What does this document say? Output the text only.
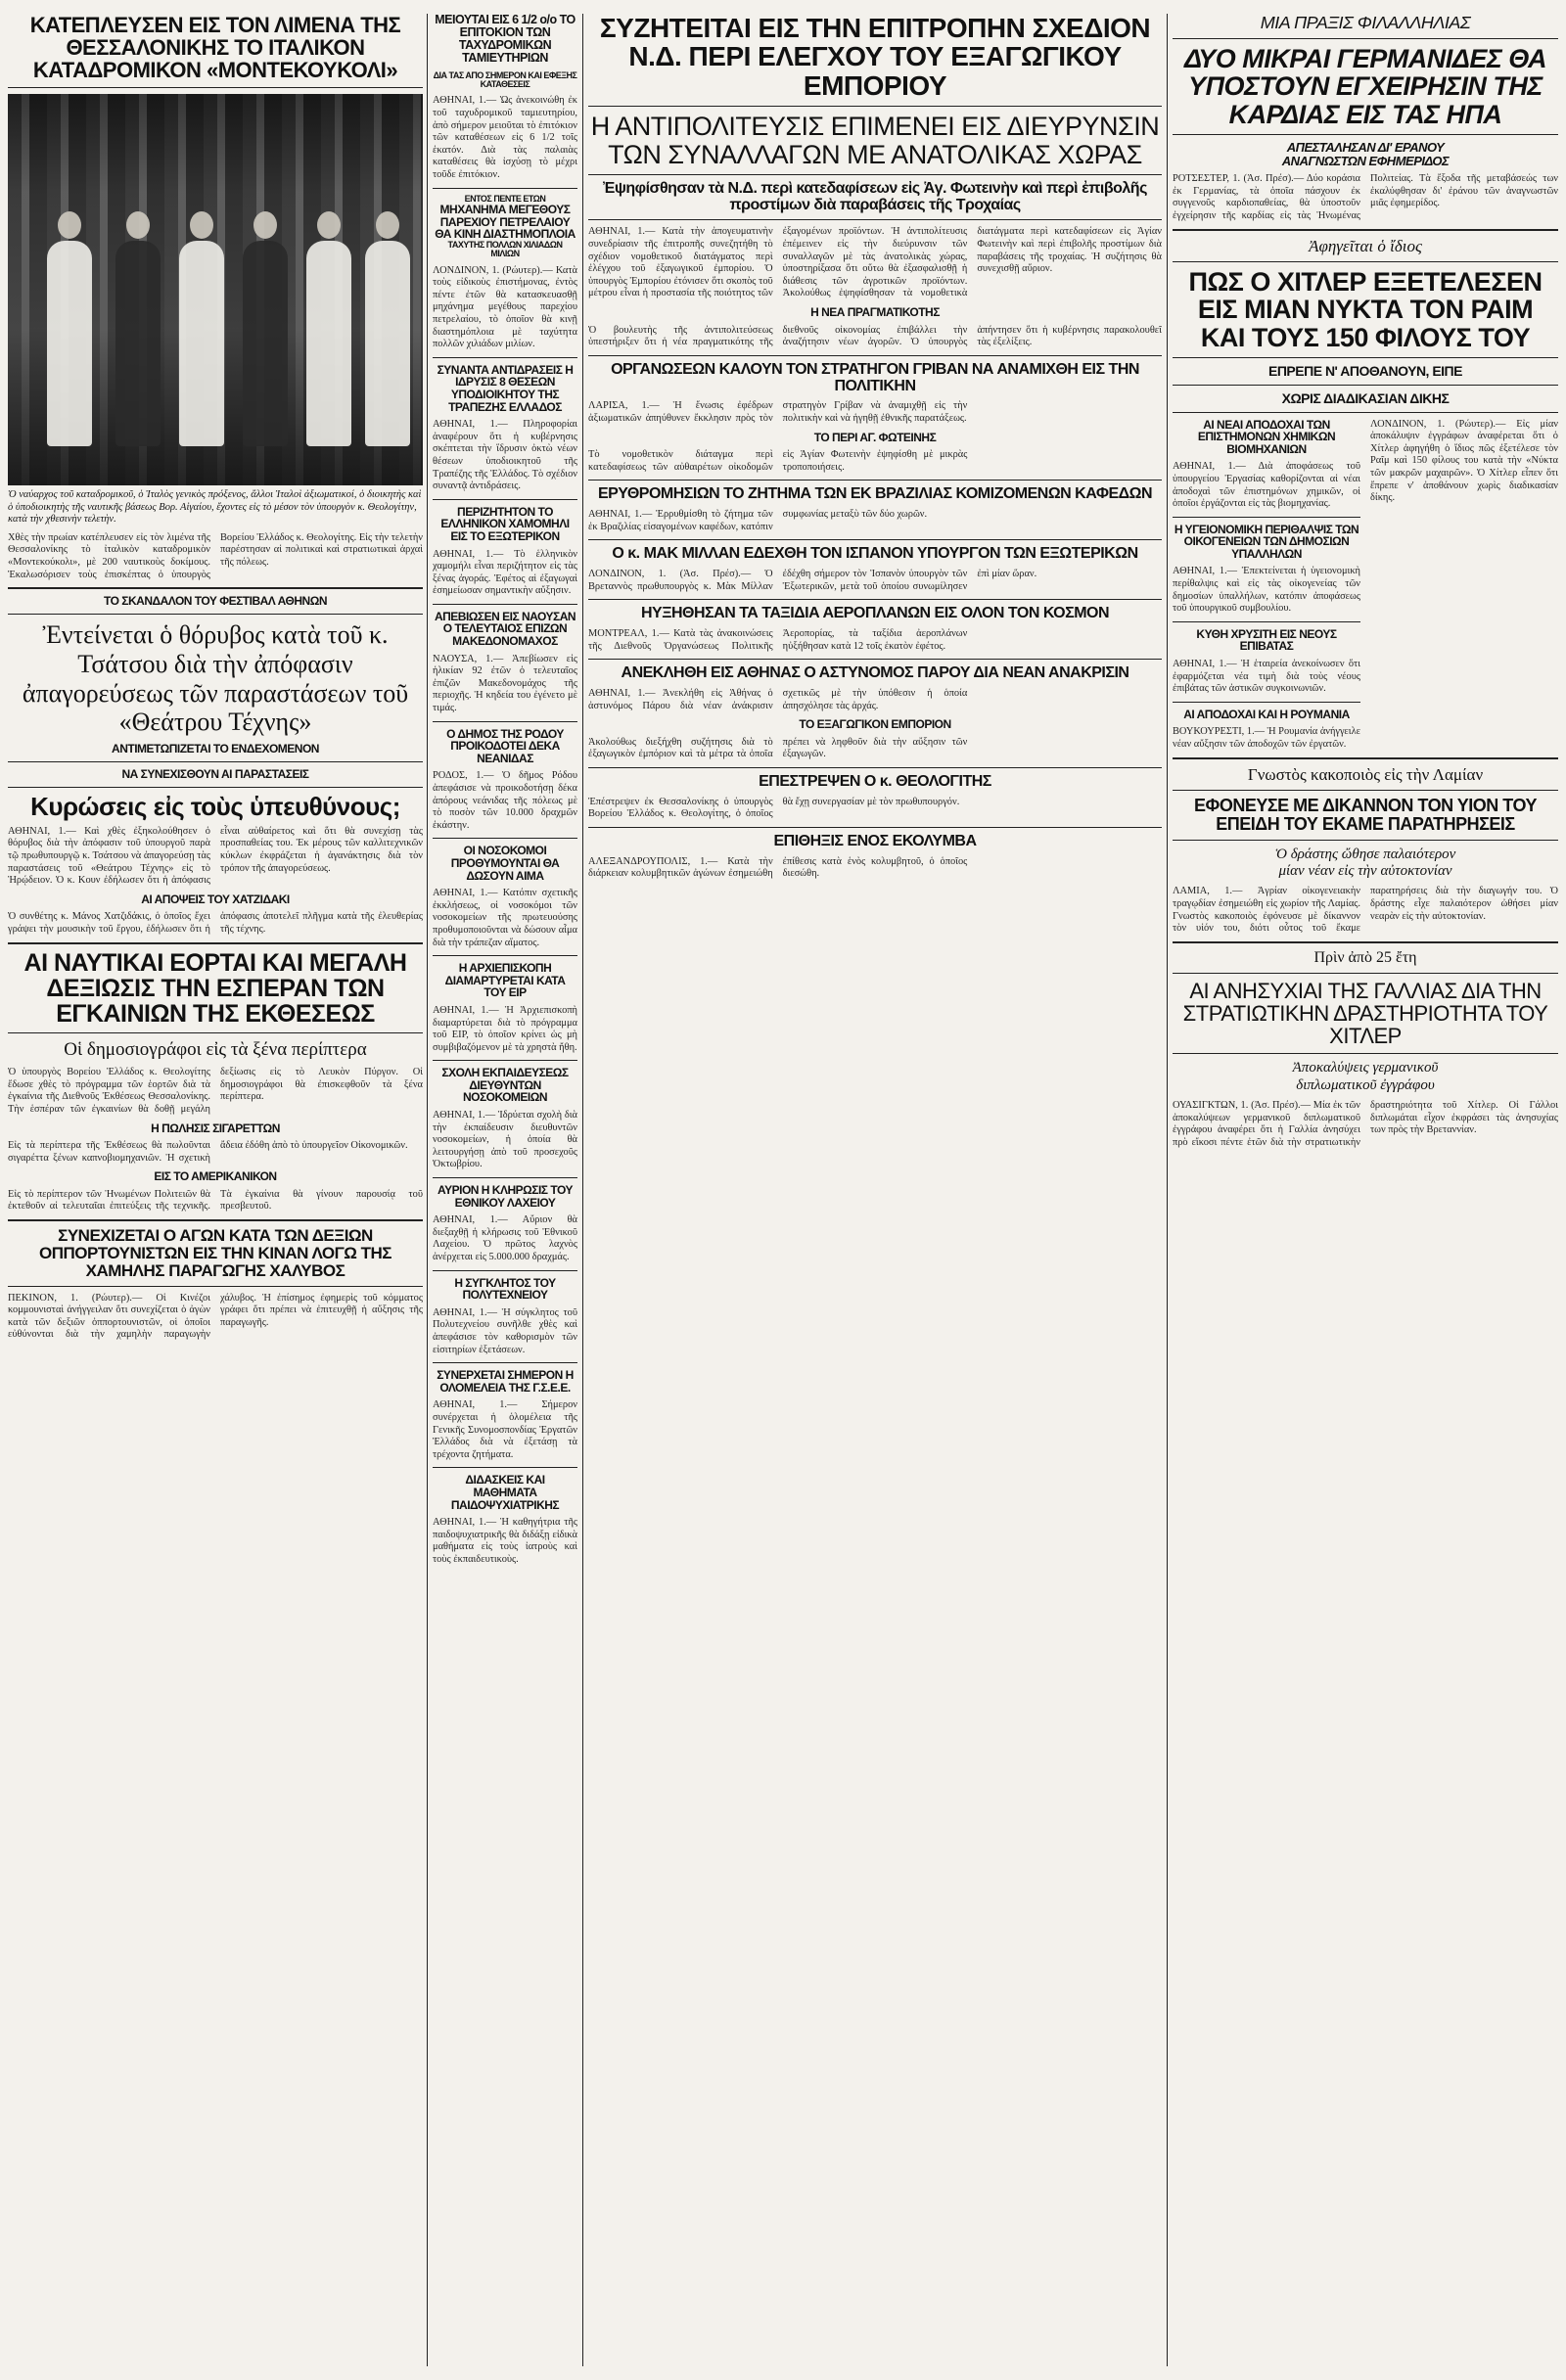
ΚΑΤΕΠΛΕΥΣΕΝ ΕΙΣ ΤΟΝ ΛΙΜΕΝΑ ΤΗΣ ΘΕΣΣΑΛΟΝΙΚΗΣ ΤΟ ΙΤΑΛΙΚΟΝ ΚΑΤΑΔΡΟΜΙΚΟΝ «ΜΟΝΤΕΚΟΥΚΟΛΙ»

Ὁ ναύαρχος τοῦ καταδρομικοῦ, ὁ Ἰταλὸς γενικὸς πρόξενος, ἄλλοι Ἰταλοὶ ἀξιωματικοί, ὁ διοικητὴς καὶ ὁ ὑποδιοικητὴς τῆς ναυτικῆς βάσεως Βορ. Αἰγαίου, ἔχοντες εἰς τὸ μέσον τὸν ὑπουργὸν κ. Θεολογίτην, κατὰ τὴν χθεσινὴν τελετὴν.

Χθὲς τὴν πρωίαν κατέπλευσεν εἰς τὸν λιμένα τῆς Θεσσαλονίκης τὸ ἰταλικὸν καταδρομικὸν «Μοντεκούκολι», μὲ 200 ναυτικοὺς δοκίμους. Ἐκαλωσόρισεν τοὺς ἐπισκέπτας ὁ ὑπουργὸς Βορείου Ἑλλάδος κ. Θεολογίτης. Εἰς τὴν τελετὴν παρέστησαν αἱ πολιτικαὶ καὶ στρατιωτικαὶ ἀρχαὶ τῆς πόλεως.

ΤΟ ΣΚΑΝΔΑΛΟΝ ΤΟΥ ΦΕΣΤΙΒΑΛ ΑΘΗΝΩΝ
Ἐντείνεται ὁ θόρυβος κατὰ τοῦ κ. Τσάτσου διὰ τὴν ἀπόφασιν ἀπαγορεύσεως τῶν παραστάσεων τοῦ «Θεάτρου Τέχνης»
ΑΝΤΙΜΕΤΩΠΙΖΕΤΑΙ ΤΟ ΕΝΔΕΧΟΜΕΝΟΝ
ΝΑ ΣΥΝΕΧΙΣΘΟΥΝ ΑΙ ΠΑΡΑΣΤΑΣΕΙΣ
Κυρώσεις εἰς τοὺς ὑπευθύνους;

ΑΘΗΝΑΙ, 1.— Καὶ χθὲς ἐξηκολούθησεν ὁ θόρυβος διὰ τὴν ἀπόφασιν τοῦ ὑπουργοῦ παρὰ τῷ πρωθυπουργῷ κ. Τσάτσου νὰ ἀπαγορεύσῃ τὰς παραστάσεις τοῦ «Θεάτρου Τέχνης» εἰς τὸ Ἡρῴδειον. Ὁ κ. Κουν ἐδήλωσεν ὅτι ἡ ἀπόφασις εἶναι αὐθαίρετος καὶ ὅτι θὰ συνεχίσῃ τὰς προσπαθείας του. Ἐκ μέρους τῶν καλλιτεχνικῶν κύκλων ἐκφράζεται ἡ ἀγανάκτησις διὰ τὸν τρόπον τῆς ἀπαγορεύσεως.

ΑΙ ΑΠΟΨΕΙΣ ΤΟΥ ΧΑΤΖΙΔΑΚΙ

Ὁ συνθέτης κ. Μάνος Χατζιδάκις, ὁ ὁποῖος ἔχει γράψει τὴν μουσικὴν τοῦ ἔργου, ἐδήλωσεν ὅτι ἡ ἀπόφασις ἀποτελεῖ πλῆγμα κατὰ τῆς ἐλευθερίας τῆς τέχνης.

ΑΙ ΝΑΥΤΙΚΑΙ ΕΟΡΤΑΙ ΚΑΙ ΜΕΓΑΛΗ ΔΕΞΙΩΣΙΣ ΤΗΝ ΕΣΠΕΡΑΝ ΤΩΝ ΕΓΚΑΙΝΙΩΝ ΤΗΣ ΕΚΘΕΣΕΩΣ
Οἱ δημοσιογράφοι εἰς τὰ ξένα περίπτερα

Ὁ ὑπουργὸς Βορείου Ἑλλάδος κ. Θεολογίτης ἔδωσε χθὲς τὸ πρόγραμμα τῶν ἑορτῶν διὰ τὰ ἐγκαίνια τῆς Διεθνοῦς Ἐκθέσεως Θεσσαλονίκης. Τὴν ἑσπέραν τῶν ἐγκαινίων θὰ δοθῇ μεγάλη δεξίωσις εἰς τὸ Λευκὸν Πύργον. Οἱ δημοσιογράφοι θὰ ἐπισκεφθοῦν τὰ ξένα περίπτερα.

Η ΠΩΛΗΣΙΣ ΣΙΓΑΡΕΤΤΩΝ

Εἰς τὰ περίπτερα τῆς Ἐκθέσεως θὰ πωλοῦνται σιγαρέττα ξένων καπνοβιομηχανιῶν. Ἡ σχετικὴ ἄδεια ἐδόθη ἀπὸ τὸ ὑπουργεῖον Οἰκονομικῶν.

ΕΙΣ ΤΟ ΑΜΕΡΙΚΑΝΙΚΟΝ

Εἰς τὸ περίπτερον τῶν Ἡνωμένων Πολιτειῶν θὰ ἐκτεθοῦν αἱ τελευταῖαι ἐπιτεύξεις τῆς τεχνικῆς. Τὰ ἐγκαίνια θὰ γίνουν παρουσίᾳ τοῦ πρεσβευτοῦ.

ΣΥΝΕΧΙΖΕΤΑΙ Ο ΑΓΩΝ ΚΑΤΑ ΤΩΝ ΔΕΞΙΩΝ ΟΠΠΟΡΤΟΥΝΙΣΤΩΝ ΕΙΣ ΤΗΝ ΚΙΝΑΝ ΛΟΓΩ ΤΗΣ ΧΑΜΗΛΗΣ ΠΑΡΑΓΩΓΗΣ ΧΑΛΥΒΟΣ

ΠΕΚΙΝΟΝ, 1. (Ρώυτερ).— Οἱ Κινέζοι κομμουνισταὶ ἀνήγγειλαν ὅτι συνεχίζεται ὁ ἀγὼν κατὰ τῶν δεξιῶν ὀππορτουνιστῶν, οἱ ὁποῖοι εὐθύνονται διὰ τὴν χαμηλὴν παραγωγὴν χάλυβος. Ἡ ἐπίσημος ἐφημερὶς τοῦ κόμματος γράφει ὅτι πρέπει νὰ ἐπιτευχθῇ ἡ αὔξησις τῆς παραγωγῆς.

ΜΕΙΟΥΤΑΙ ΕΙΣ 6 1/2 ο/ο ΤΟ ΕΠΙΤΟΚΙΟΝ ΤΩΝ ΤΑΧΥΔΡΟΜΙΚΩΝ ΤΑΜΙΕΥΤΗΡΙΩΝ
ΔΙΑ ΤΑΣ ΑΠΟ ΣΗΜΕΡΟΝ ΚΑΙ ΕΦΕΞΗΣ ΚΑΤΑΘΕΣΕΙΣ

ΑΘΗΝΑΙ, 1.— Ὡς ἀνεκοινώθη ἐκ τοῦ ταχυδρομικοῦ ταμιευτηρίου, ἀπὸ σήμερον μειοῦται τὸ ἐπιτόκιον τῶν καταθέσεων εἰς 6 1/2 τοῖς ἑκατόν. Διὰ τὰς παλαιὰς καταθέσεις θὰ ἰσχύσῃ τὸ μέχρι τοῦδε ἐπιτόκιον.

ΕΝΤΟΣ ΠΕΝΤΕ ΕΤΩΝ
ΜΗΧΑΝΗΜΑ ΜΕΓΕΘΟΥΣ ΠΑΡΕΧΙΟΥ ΠΕΤΡΕΛΑΙΟΥ ΘΑ ΚΙΝΗ ΔΙΑΣΤΗΜΟΠΛΟΙΑ
ΤΑΧΥΤΗΣ ΠΟΛΛΩΝ ΧΙΛΙΑΔΩΝ ΜΙΛΙΩΝ

ΛΟΝΔΙΝΟΝ, 1. (Ρώυτερ).— Κατὰ τοὺς εἰδικοὺς ἐπιστήμονας, ἐντὸς πέντε ἐτῶν θὰ κατασκευασθῇ μηχάνημα μεγέθους παρεχίου πετρελαίου, τὸ ὁποῖον θὰ κινῇ διαστημόπλοια μὲ ταχύτητα πολλῶν χιλιάδων μιλίων.

ΣΥΝΑΝΤΑ ΑΝΤΙΔΡΑΣΕΙΣ Η ΙΔΡΥΣΙΣ 8 ΘΕΣΕΩΝ ΥΠΟΔΙΟΙΚΗΤΟΥ ΤΗΣ ΤΡΑΠΕΖΗΣ ΕΛΛΑΔΟΣ

ΑΘΗΝΑΙ, 1.— Πληροφορίαι ἀναφέρουν ὅτι ἡ κυβέρνησις σκέπτεται τὴν ἵδρυσιν ὀκτὼ νέων θέσεων ὑποδιοικητοῦ τῆς Τραπέζης τῆς Ἑλλάδος. Τὸ σχέδιον συναντᾷ ἀντιδράσεις.

ΠΕΡΙΖΗΤΗΤΟΝ ΤΟ ΕΛΛΗΝΙΚΟΝ ΧΑΜΟΜΗΛΙ ΕΙΣ ΤΟ ΕΞΩΤΕΡΙΚΟΝ

ΑΘΗΝΑΙ, 1.— Τὸ ἑλληνικὸν χαμομήλι εἶναι περιζήτητον εἰς τὰς ξένας ἀγοράς. Ἐφέτος αἱ ἐξαγωγαὶ ἐσημείωσαν σημαντικὴν αὔξησιν.

ΑΠΕΒΙΩΣΕΝ ΕΙΣ ΝΑΟΥΣΑΝ Ο ΤΕΛΕΥΤΑΙΟΣ ΕΠΙΖΩΝ ΜΑΚΕΔΟΝΟΜΑΧΟΣ

ΝΑΟΥΣΑ, 1.— Ἀπεβίωσεν εἰς ἡλικίαν 92 ἐτῶν ὁ τελευταῖος ἐπιζῶν Μακεδονομάχος τῆς περιοχῆς. Ἡ κηδεία του ἐγένετο μὲ τιμάς.

Ο ΔΗΜΟΣ ΤΗΣ ΡΟΔΟΥ ΠΡΟΙΚΟΔΟΤΕΙ ΔΕΚΑ ΝΕΑΝΙΔΑΣ

ΡΟΔΟΣ, 1.— Ὁ δῆμος Ρόδου ἀπεφάσισε νὰ προικοδοτήσῃ δέκα ἀπόρους νεάνιδας τῆς πόλεως μὲ τὸ ποσὸν τῶν 10.000 δραχμῶν ἑκάστην.

ΟΙ ΝΟΣΟΚΟΜΟΙ ΠΡΟΘΥΜΟΥΝΤΑΙ ΘΑ ΔΩΣΟΥΝ ΑΙΜΑ

ΑΘΗΝΑΙ, 1.— Κατόπιν σχετικῆς ἐκκλήσεως, οἱ νοσοκόμοι τῶν νοσοκομείων τῆς πρωτευούσης προθυμοποιοῦνται νὰ δώσουν αἷμα διὰ τὴν τράπεζαν αἵματος.

Η ΑΡΧΙΕΠΙΣΚΟΠΗ ΔΙΑΜΑΡΤΥΡΕΤΑΙ ΚΑΤΑ ΤΟΥ ΕΙΡ

ΑΘΗΝΑΙ, 1.— Ἡ Ἀρχιεπισκοπὴ διαμαρτύρεται διὰ τὸ πρόγραμμα τοῦ ΕΙΡ, τὸ ὁποῖον κρίνει ὡς μὴ συμβιβαζόμενον μὲ τὰ χρηστὰ ἤθη.

ΣΧΟΛΗ ΕΚΠΑΙΔΕΥΣΕΩΣ ΔΙΕΥΘΥΝΤΩΝ ΝΟΣΟΚΟΜΕΙΩΝ

ΑΘΗΝΑΙ, 1.— Ἱδρύεται σχολὴ διὰ τὴν ἐκπαίδευσιν διευθυντῶν νοσοκομείων, ἡ ὁποία θὰ λειτουργήσῃ ἀπὸ τοῦ προσεχοῦς Ὀκτωβρίου.

ΑΥΡΙΟΝ Η ΚΛΗΡΩΣΙΣ ΤΟΥ ΕΘΝΙΚΟΥ ΛΑΧΕΙΟΥ

ΑΘΗΝΑΙ, 1.— Αὔριον θὰ διεξαχθῇ ἡ κλήρωσις τοῦ Ἐθνικοῦ Λαχείου. Ὁ πρῶτος λαχνὸς ἀνέρχεται εἰς 5.000.000 δραχμάς.

Η ΣΥΓΚΛΗΤΟΣ ΤΟΥ ΠΟΛΥΤΕΧΝΕΙΟΥ

ΑΘΗΝΑΙ, 1.— Ἡ σύγκλητος τοῦ Πολυτεχνείου συνῆλθε χθὲς καὶ ἀπεφάσισε τὸν καθορισμὸν τῶν εἰσιτηρίων ἐξετάσεων.

ΣΥΝΕΡΧΕΤΑΙ ΣΗΜΕΡΟΝ Η ΟΛΟΜΕΛΕΙΑ ΤΗΣ Γ.Σ.Ε.Ε.

ΑΘΗΝΑΙ, 1.— Σήμερον συνέρχεται ἡ ὁλομέλεια τῆς Γενικῆς Συνομοσπονδίας Ἐργατῶν Ἑλλάδος διὰ νὰ ἐξετάσῃ τὰ τρέχοντα ζητήματα.

ΔΙΔΑΣΚΕΙΣ ΚΑΙ ΜΑΘΗΜΑΤΑ ΠΑΙΔΟΨΥΧΙΑΤΡΙΚΗΣ

ΑΘΗΝΑΙ, 1.— Ἡ καθηγήτρια τῆς παιδοψυχιατρικῆς θὰ διδάξῃ εἰδικὰ μαθήματα εἰς τοὺς ἰατροὺς καὶ τοὺς ἐκπαιδευτικοὺς.

ΣΥΖΗΤΕΙΤΑΙ ΕΙΣ ΤΗΝ ΕΠΙΤΡΟΠΗΝ ΣΧΕΔΙΟΝ Ν.Δ. ΠΕΡΙ ΕΛΕΓΧΟΥ ΤΟΥ ΕΞΑΓΩΓΙΚΟΥ ΕΜΠΟΡΙΟΥ
Η ΑΝΤΙΠΟΛΙΤΕΥΣΙΣ ΕΠΙΜΕΝΕΙ ΕΙΣ ΔΙΕΥΡΥΝΣΙΝ ΤΩΝ ΣΥΝΑΛΛΑΓΩΝ ΜΕ ΑΝΑΤΟΛΙΚΑΣ ΧΩΡΑΣ
Ἐψηφίσθησαν τὰ Ν.Δ. περὶ κατεδαφίσεων εἰς Ἁγ. Φωτεινὴν καὶ περὶ ἐπιβολῆς προστίμων διὰ παραβάσεις τῆς Τροχαίας

ΑΘΗΝΑΙ, 1.— Κατὰ τὴν ἀπογευματινὴν συνεδρίασιν τῆς ἐπιτροπῆς συνεζητήθη τὸ σχέδιον νομοθετικοῦ διατάγματος περὶ ἐλέγχου τοῦ ἐξαγωγικοῦ ἐμπορίου. Ὁ ὑπουργὸς Ἐμπορίου ἐτόνισεν ὅτι σκοπὸς τοῦ μέτρου εἶναι ἡ προστασία τῆς ποιότητος τῶν ἐξαγομένων προϊόντων. Ἡ ἀντιπολίτευσις ἐπέμεινεν εἰς τὴν διεύρυνσιν τῶν συναλλαγῶν μὲ τὰς ἀνατολικὰς χώρας, ὑποστηρίξασα ὅτι οὕτω θὰ ἐξασφαλισθῇ ἡ διάθεσις τῶν ἀγροτικῶν προϊόντων. Ἀκολούθως ἐψηφίσθησαν τὰ νομοθετικὰ διατάγματα περὶ κατεδαφίσεων εἰς Ἁγίαν Φωτεινὴν καὶ περὶ ἐπιβολῆς προστίμων διὰ παραβάσεις τῆς τροχαίας. Ἡ συζήτησις θὰ συνεχισθῇ αὔριον.

Η ΝΕΑ ΠΡΑΓΜΑΤΙΚΟΤΗΣ

Ὁ βουλευτὴς τῆς ἀντιπολιτεύσεως ὑπεστήριξεν ὅτι ἡ νέα πραγματικότης τῆς διεθνοῦς οἰκονομίας ἐπιβάλλει τὴν ἀναζήτησιν νέων ἀγορῶν. Ὁ ὑπουργὸς ἀπήντησεν ὅτι ἡ κυβέρνησις παρακολουθεῖ τὰς ἐξελίξεις.

ΟΡΓΑΝΩΣΕΩΝ ΚΑΛΟΥΝ ΤΟΝ ΣΤΡΑΤΗΓΟΝ ΓΡΙΒΑΝ ΝΑ ΑΝΑΜΙΧΘΗ ΕΙΣ ΤΗΝ ΠΟΛΙΤΙΚΗΝ

ΛΑΡΙΣΑ, 1.— Ἡ ἕνωσις ἐφέδρων ἀξιωματικῶν ἀπηύθυνεν ἔκκλησιν πρὸς τὸν στρατηγὸν Γρίβαν νὰ ἀναμιχθῇ εἰς τὴν πολιτικὴν καὶ νὰ ἡγηθῇ ἐθνικῆς παρατάξεως.

ΤΟ ΠΕΡΙ ΑΓ. ΦΩΤΕΙΝΗΣ

Τὸ νομοθετικὸν διάταγμα περὶ κατεδαφίσεως τῶν αὐθαιρέτων οἰκοδομῶν εἰς Ἁγίαν Φωτεινὴν ἐψηφίσθη μὲ μικρὰς τροποποιήσεις.

ΕΡΥΘΡΟΜΗΣΙΩΝ ΤΟ ΖΗΤΗΜΑ ΤΩΝ ΕΚ ΒΡΑΖΙΛΙΑΣ ΚΟΜΙΖΟΜΕΝΩΝ ΚΑΦΕΔΩΝ

ΑΘΗΝΑΙ, 1.— Ἐρρυθμίσθη τὸ ζήτημα τῶν ἐκ Βραζιλίας εἰσαγομένων καφέδων, κατόπιν συμφωνίας μεταξὺ τῶν δύο χωρῶν.

Ο κ. ΜΑΚ ΜΙΛΛΑΝ ΕΔΕΧΘΗ ΤΟΝ ΙΣΠΑΝΟΝ ΥΠΟΥΡΓΟΝ ΤΩΝ ΕΞΩΤΕΡΙΚΩΝ

ΛΟΝΔΙΝΟΝ, 1. (Ἀσ. Πρέσ).— Ὁ Βρεταννὸς πρωθυπουργὸς κ. Μὰκ Μίλλαν ἐδέχθη σήμερον τὸν Ἱσπανὸν ὑπουργὸν τῶν Ἐξωτερικῶν, μετὰ τοῦ ὁποίου συνωμίλησεν ἐπὶ μίαν ὥραν.

ΗΥΞΗΘΗΣΑΝ ΤΑ ΤΑΞΙΔΙΑ ΑΕΡΟΠΛΑΝΩΝ ΕΙΣ ΟΛΟΝ ΤΟΝ ΚΟΣΜΟΝ

ΜΟΝΤΡΕΑΛ, 1.— Κατὰ τὰς ἀνακοινώσεις τῆς Διεθνοῦς Ὀργανώσεως Πολιτικῆς Ἀεροπορίας, τὰ ταξίδια ἀεροπλάνων ηὐξήθησαν κατὰ 12 τοῖς ἑκατὸν ἐφέτος.

ΑΝΕΚΛΗΘΗ ΕΙΣ ΑΘΗΝΑΣ Ο ΑΣΤΥΝΟΜΟΣ ΠΑΡΟΥ ΔΙΑ ΝΕΑΝ ΑΝΑΚΡΙΣΙΝ

ΑΘΗΝΑΙ, 1.— Ἀνεκλήθη εἰς Ἀθήνας ὁ ἀστυνόμος Πάρου διὰ νέαν ἀνάκρισιν σχετικῶς μὲ τὴν ὑπόθεσιν ἡ ὁποία ἀπησχόλησε τὰς ἀρχάς.

ΤΟ ΕΞΑΓΩΓΙΚΟΝ ΕΜΠΟΡΙΟΝ

Ἀκολούθως διεξήχθη συζήτησις διὰ τὸ ἐξαγωγικὸν ἐμπόριον καὶ τὰ μέτρα τὰ ὁποῖα πρέπει νὰ ληφθοῦν διὰ τὴν αὔξησιν τῶν ἐξαγωγῶν.

ΕΠΕΣΤΡΕΨΕΝ Ο κ. ΘΕΟΛΟΓΙΤΗΣ

Ἐπέστρεψεν ἐκ Θεσσαλονίκης ὁ ὑπουργὸς Βορείου Ἑλλάδος κ. Θεολογίτης, ὁ ὁποῖος θὰ ἔχῃ συνεργασίαν μὲ τὸν πρωθυπουργόν.

ΕΠΙΘΗΞΙΣ ΕΝΟΣ ΕΚΟΛΥΜΒΑ

ΑΛΕΞΑΝΔΡΟΥΠΟΛΙΣ, 1.— Κατὰ τὴν διάρκειαν κολυμβητικῶν ἀγώνων ἐσημειώθη ἐπίθεσις κατὰ ἑνὸς κολυμβητοῦ, ὁ ὁποῖος διεσώθη.

ΜΙΑ ΠΡΑΞΙΣ ΦΙΛΑΛΛΗΛΙΑΣ
ΔΥΟ ΜΙΚΡΑΙ ΓΕΡΜΑΝΙΔΕΣ ΘΑ ΥΠΟΣΤΟΥΝ ΕΓΧΕΙΡΗΣΙΝ ΤΗΣ ΚΑΡΔΙΑΣ ΕΙΣ ΤΑΣ ΗΠΑ
ΑΠΕΣΤΑΛΗΣΑΝ ΔΙ' ΕΡΑΝΟΥ
ΑΝΑΓΝΩΣΤΩΝ ΕΦΗΜΕΡΙΔΟΣ

ΡΟΤΣΕΣΤΕΡ, 1. (Ἀσ. Πρέσ).— Δύο κοράσια ἐκ Γερμανίας, τὰ ὁποῖα πάσχουν ἐκ συγγενοῦς καρδιοπαθείας, θὰ ὑποστοῦν ἐγχείρησιν τῆς καρδίας εἰς τὰς Ἡνωμένας Πολιτείας. Τὰ ἔξοδα τῆς μεταβάσεώς των ἐκαλύφθησαν δι' ἐράνου τῶν ἀναγνωστῶν μιᾶς ἐφημερίδος.

Ἀφηγεῖται ὁ ἴδιος
ΠΩΣ Ο ΧΙΤΛΕΡ ΕΞΕΤΕΛΕΣΕΝ ΕΙΣ ΜΙΑΝ ΝΥΚΤΑ ΤΟΝ ΡΑΙΜ ΚΑΙ ΤΟΥΣ 150 ΦΙΛΟΥΣ ΤΟΥ
ΕΠΡΕΠΕ Ν' ΑΠΟΘΑΝΟΥΝ, ΕΙΠΕ
ΧΩΡΙΣ ΔΙΑΔΙΚΑΣΙΑΝ ΔΙΚΗΣ
ΑΙ ΝΕΑΙ ΑΠΟΔΟΧΑΙ ΤΩΝ ΕΠΙΣΤΗΜΟΝΩΝ ΧΗΜΙΚΩΝ ΒΙΟΜΗΧΑΝΙΩΝ

ΑΘΗΝΑΙ, 1.— Διὰ ἀποφάσεως τοῦ ὑπουργείου Ἐργασίας καθορίζονται αἱ νέαι ἀποδοχαὶ τῶν ἐπιστημόνων χημικῶν, οἱ ὁποῖοι ἐργάζονται εἰς τὰς βιομηχανίας.

Η ΥΓΕΙΟΝΟΜΙΚΗ ΠΕΡΙΘΑΛΨΙΣ ΤΩΝ ΟΙΚΟΓΕΝΕΙΩΝ ΤΩΝ ΔΗΜΟΣΙΩΝ ΥΠΑΛΛΗΛΩΝ

ΑΘΗΝΑΙ, 1.— Ἐπεκτείνεται ἡ ὑγειονομικὴ περίθαλψις καὶ εἰς τὰς οἰκογενείας τῶν δημοσίων ὑπαλλήλων, κατόπιν ἀποφάσεως τοῦ ὑπουργικοῦ συμβουλίου.

ΚΥΘΗ ΧΡΥΣΙΤΗ ΕΙΣ ΝΕΟΥΣ ΕΠΙΒΑΤΑΣ

ΑΘΗΝΑΙ, 1.— Ἡ ἑταιρεία ἀνεκοίνωσεν ὅτι ἐφαρμόζεται νέα τιμὴ διὰ τοὺς νέους ἐπιβάτας τῶν ἀστικῶν συγκοινωνιῶν.

ΑΙ ΑΠΟΔΟΧΑΙ ΚΑΙ Η ΡΟΥΜΑΝΙΑ

ΒΟΥΚΟΥΡΕΣΤΙ, 1.— Ἡ Ρουμανία ἀνήγγειλε νέαν αὔξησιν τῶν ἀποδοχῶν τῶν ἐργατῶν.

ΛΟΝΔΙΝΟΝ, 1. (Ρώυτερ).— Εἰς μίαν ἀποκάλυψιν ἐγγράφων ἀναφέρεται ὅτι ὁ Χίτλερ ἀφηγήθη ὁ ἴδιος πῶς ἐξετέλεσε τὸν Ραῖμ καὶ 150 φίλους του κατὰ τὴν «Νύκτα τῶν μακρῶν μαχαιρῶν». Ὁ Χίτλερ εἶπεν ὅτι ἔπρεπε ν' ἀποθάνουν χωρὶς διαδικασίαν δίκης.

Γνωστὸς κακοποιὸς εἰς τὴν Λαμίαν
ΕΦΟΝΕΥΣΕ ΜΕ ΔΙΚΑΝΝΟΝ ΤΟΝ ΥΙΟΝ ΤΟΥ ΕΠΕΙΔΗ ΤΟΥ ΕΚΑΜΕ ΠΑΡΑΤΗΡΗΣΕΙΣ
Ὁ δράστης ὤθησε παλαιότερον
μίαν νέαν εἰς τὴν αὐτοκτονίαν

ΛΑΜΙΑ, 1.— Ἀγρίαν οἰκογενειακὴν τραγῳδίαν ἐσημειώθη εἰς χωρίον τῆς Λαμίας. Γνωστὸς κακοποιὸς ἐφόνευσε μὲ δίκαννον τὸν υἱόν του, διότι οὗτος τοῦ ἔκαμε παρατηρήσεις διὰ τὴν διαγωγήν του. Ὁ δράστης εἶχε παλαιότερον ὠθήσει μίαν νεαρὰν εἰς τὴν αὐτοκτονίαν.

Πρὶν ἀπὸ 25 ἔτη
ΑΙ ΑΝΗΣΥΧΙΑΙ ΤΗΣ ΓΑΛΛΙΑΣ ΔΙΑ ΤΗΝ ΣΤΡΑΤΙΩΤΙΚΗΝ ΔΡΑΣΤΗΡΙΟΤΗΤΑ ΤΟΥ ΧΙΤΛΕΡ
Ἀποκαλύψεις γερμανικοῦ
διπλωματικοῦ ἐγγράφου

ΟΥΑΣΙΓΚΤΩΝ, 1. (Ἀσ. Πρέσ).— Μία ἐκ τῶν ἀποκαλύψεων γερμανικοῦ διπλωματικοῦ ἐγγράφου ἀναφέρει ὅτι ἡ Γαλλία ἀνησύχει πρὸ εἴκοσι πέντε ἐτῶν διὰ τὴν στρατιωτικὴν δραστηριότητα τοῦ Χίτλερ. Οἱ Γάλλοι διπλωμάται εἶχον ἐκφράσει τὰς ἀνησυχίας των πρὸς τὴν Βρεταννίαν.
